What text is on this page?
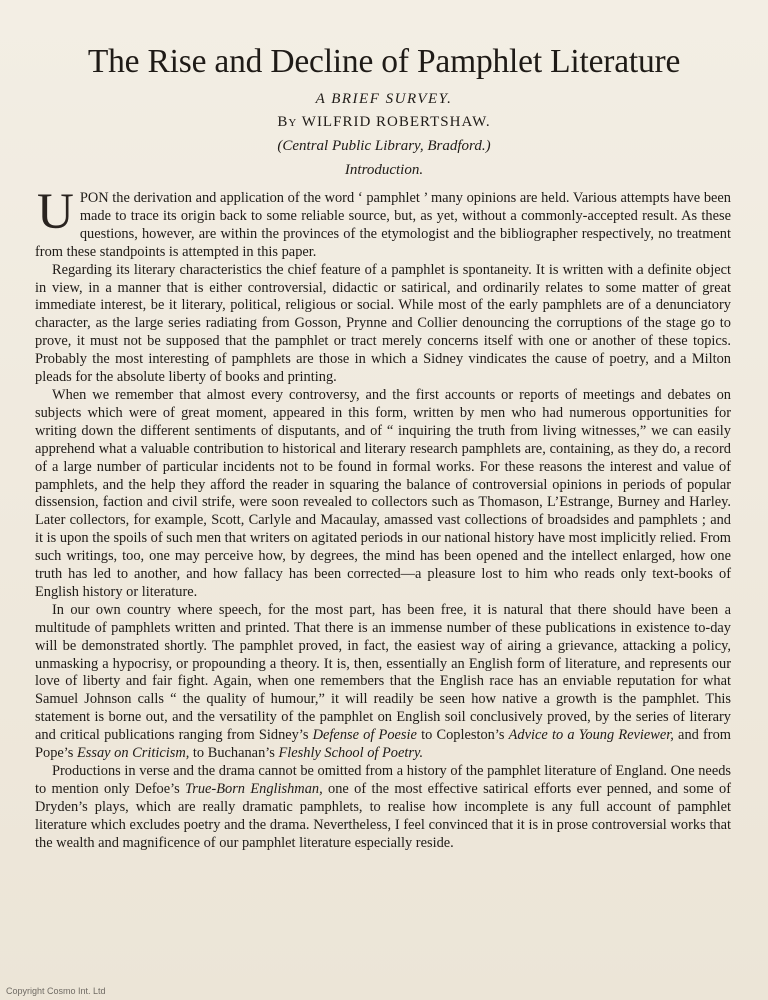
The Rise and Decline of Pamphlet Literature
A BRIEF SURVEY.
By WILFRID ROBERTSHAW.
(Central Public Library, Bradford.)
Introduction.

UPON the derivation and application of the word ‘ pamphlet ’ many opinions are held. Various attempts have been made to trace its origin back to some reliable source, but, as yet, without a commonly-accepted result. As these questions, however, are within the provinces of the etymologist and the bibliographer respectively, no treatment from these standpoints is attempted in this paper.

Regarding its literary characteristics the chief feature of a pamphlet is spontaneity. It is written with a definite object in view, in a manner that is either controversial, didactic or satirical, and ordinarily relates to some matter of great immediate interest, be it literary, political, religious or social. While most of the early pamphlets are of a denunciatory character, as the large series radiating from Gosson, Prynne and Collier denouncing the corruptions of the stage go to prove, it must not be supposed that the pamphlet or tract merely concerns itself with one or another of these topics. Probably the most interesting of pamphlets are those in which a Sidney vindicates the cause of poetry, and a Milton pleads for the absolute liberty of books and printing.

When we remember that almost every controversy, and the first accounts or reports of meetings and debates on subjects which were of great moment, appeared in this form, written by men who had numerous opportunities for writing down the different sentiments of disputants, and of “ inquiring the truth from living witnesses,” we can easily apprehend what a valuable contribution to historical and literary research pamphlets are, containing, as they do, a record of a large number of particular incidents not to be found in formal works. For these reasons the interest and value of pamphlets, and the help they afford the reader in squaring the balance of controversial opinions in periods of popular dissension, faction and civil strife, were soon revealed to collectors such as Thomason, L’Estrange, Burney and Harley. Later collectors, for example, Scott, Carlyle and Macaulay, amassed vast collections of broadsides and pamphlets ; and it is upon the spoils of such men that writers on agitated periods in our national history have most implicitly relied. From such writings, too, one may perceive how, by degrees, the mind has been opened and the intellect enlarged, how one truth has led to another, and how fallacy has been corrected—a pleasure lost to him who reads only text-books of English history or literature.

In our own country where speech, for the most part, has been free, it is natural that there should have been a multitude of pamphlets written and printed. That there is an immense number of these publications in existence to-day will be demonstrated shortly. The pamphlet proved, in fact, the easiest way of airing a grievance, attacking a policy, unmasking a hypocrisy, or propounding a theory. It is, then, essentially an English form of literature, and represents our love of liberty and fair fight. Again, when one remembers that the English race has an enviable reputation for what Samuel Johnson calls “ the quality of humour,” it will readily be seen how native a growth is the pamphlet. This statement is borne out, and the versatility of the pamphlet on English soil conclusively proved, by the series of literary and critical publications ranging from Sidney’s Defense of Poesie to Copleston’s Advice to a Young Reviewer, and from Pope’s Essay on Criticism, to Buchanan’s Fleshly School of Poetry.

Productions in verse and the drama cannot be omitted from a history of the pamphlet literature of England. One needs to mention only Defoe’s True-Born Englishman, one of the most effective satirical efforts ever penned, and some of Dryden’s plays, which are really dramatic pamphlets, to realise how incomplete is any full account of pamphlet literature which excludes poetry and the drama. Nevertheless, I feel convinced that it is in prose controversial works that the wealth and magnificence of our pamphlet literature especially reside.

Copyright Cosmo Int. Ltd
